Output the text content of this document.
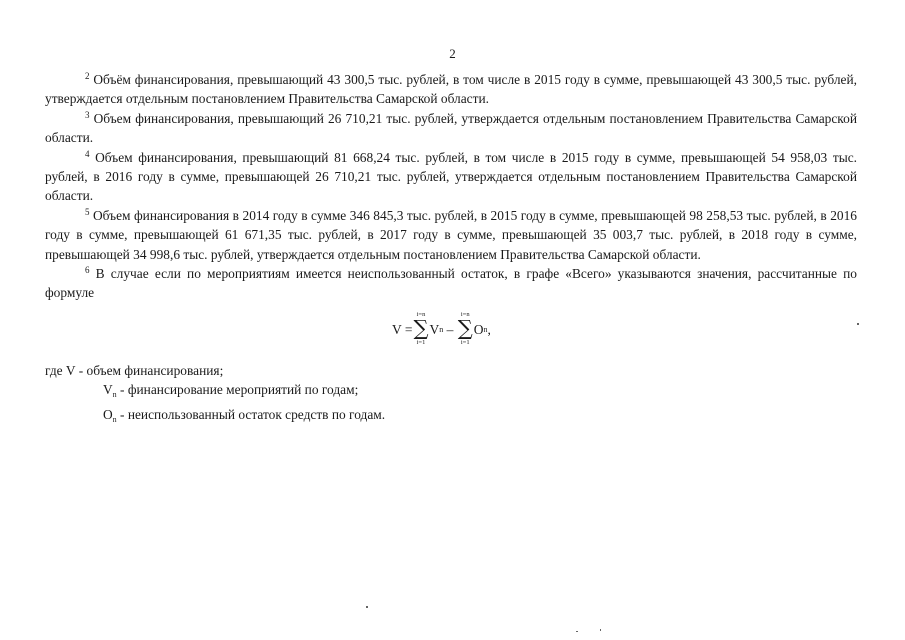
2

$^2$ Объём финансирования, превышающий 43 300,5 тыс. рублей, в том числе в 2015 году в сумме, превышающей 43 300,5 тыс. рублей, утверждается отдельным постановлением Правительства Самарской области.

$^3$ Объем финансирования, превышающий 26 710,21 тыс. рублей, утверждается отдельным постановлением Правительства Самарской области.

$^4$ Объем финансирования, превышающий 81 668,24 тыс. рублей, в том числе в 2015 году в сумме, превышающей 54 958,03 тыс. рублей, в 2016 году в сумме, превышающей 26 710,21 тыс. рублей, утверждается отдельным постановлением Правительства Самарской области.

$^5$ Объем финансирования в 2014 году в сумме 346 845,3 тыс. рублей, в 2015 году в сумме, превышающей 98 258,53 тыс. рублей, в 2016 году в сумме, превышающей 61 671,35 тыс. рублей, в 2017 году в сумме, превышающей 35 003,7 тыс. рублей, в 2018 году в сумме, превышающей 34 998,6 тыс. рублей, утверждается отдельным постановлением Правительства Самарской области.

$^6$ В случае если по мероприятиям имеется неиспользованный остаток, в графе «Всего» указываются значения, рассчитанные по формуле

V =
i=n
∑
i=1
V n
–

i=n
∑
i=1
O n ,

где V - объем финансирования;

$V_n$ - финансирование мероприятий по годам;

$O_n$ - неиспользованный остаток средств по годам.
